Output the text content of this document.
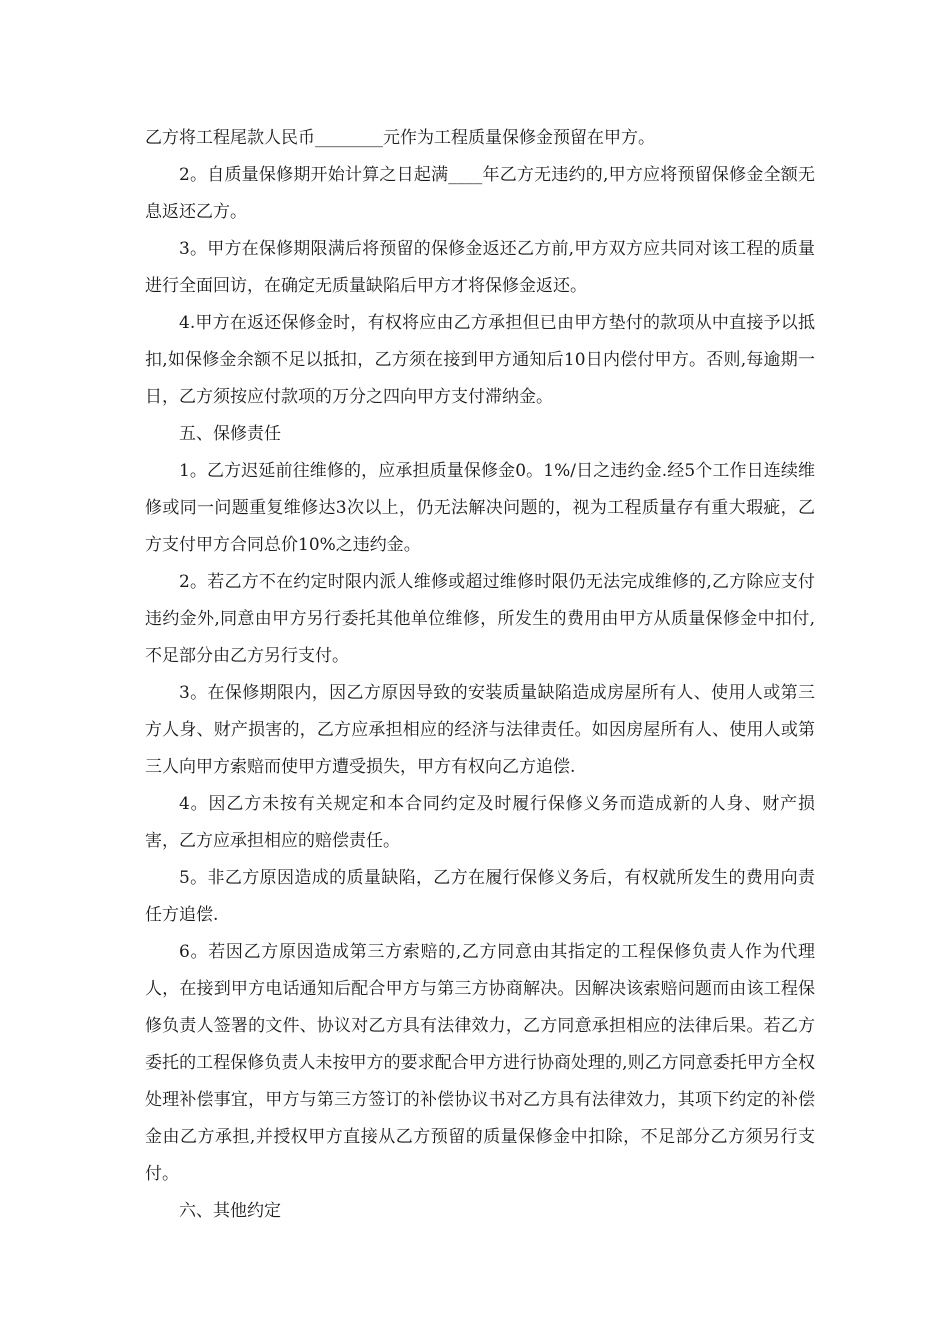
乙方将工程尾款人民币________元作为工程质量保修金预留在甲方。

2。自质量保修期开始计算之日起满____年乙方无违约的,甲方应将预留保修金全额无息返还乙方。

3。甲方在保修期限满后将预留的保修金返还乙方前,甲方双方应共同对该工程的质量进行全面回访，在确定无质量缺陷后甲方才将保修金返还。

4.甲方在返还保修金时，有权将应由乙方承担但已由甲方垫付的款项从中直接予以抵扣,如保修金余额不足以抵扣，乙方须在接到甲方通知后10日内偿付甲方。否则,每逾期一日，乙方须按应付款项的万分之四向甲方支付滞纳金。

五、保修责任

1。乙方迟延前往维修的，应承担质量保修金0。1%/日之违约金.经5个工作日连续维修或同一问题重复维修达3次以上，仍无法解决问题的，视为工程质量存有重大瑕疵，乙方支付甲方合同总价10%之违约金。

2。若乙方不在约定时限内派人维修或超过维修时限仍无法完成维修的,乙方除应支付违约金外,同意由甲方另行委托其他单位维修，所发生的费用由甲方从质量保修金中扣付,不足部分由乙方另行支付。

3。在保修期限内，因乙方原因导致的安装质量缺陷造成房屋所有人、使用人或第三方人身、财产损害的，乙方应承担相应的经济与法律责任。如因房屋所有人、使用人或第三人向甲方索赔而使甲方遭受损失，甲方有权向乙方追偿.

4。因乙方未按有关规定和本合同约定及时履行保修义务而造成新的人身、财产损害，乙方应承担相应的赔偿责任。

5。非乙方原因造成的质量缺陷，乙方在履行保修义务后，有权就所发生的费用向责任方追偿.

6。若因乙方原因造成第三方索赔的,乙方同意由其指定的工程保修负责人作为代理人，在接到甲方电话通知后配合甲方与第三方协商解决。因解决该索赔问题而由该工程保修负责人签署的文件、协议对乙方具有法律效力，乙方同意承担相应的法律后果。若乙方委托的工程保修负责人未按甲方的要求配合甲方进行协商处理的,则乙方同意委托甲方全权处理补偿事宜，甲方与第三方签订的补偿协议书对乙方具有法律效力，其项下约定的补偿金由乙方承担,并授权甲方直接从乙方预留的质量保修金中扣除，不足部分乙方须另行支付。

六、其他约定
